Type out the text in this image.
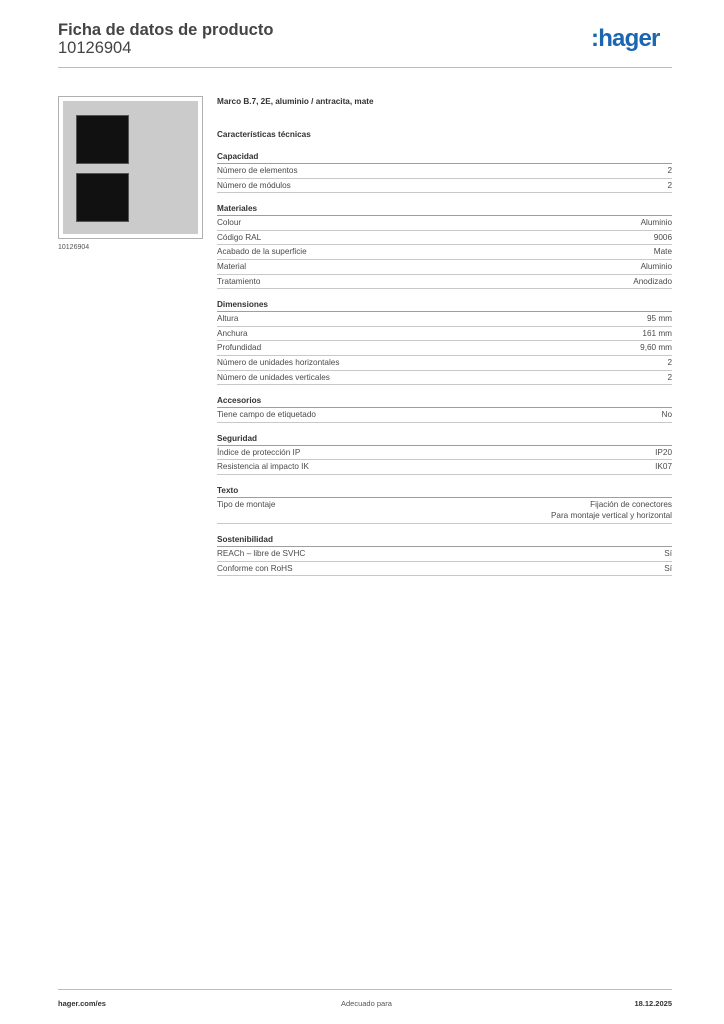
Ficha de datos de producto
10126904	:hager
10126904
Marco B.7, 2E, aluminio / antracita, mate
Características técnicas
Capacidad
Número de elementos	2
Número de módulos	2
Materiales
Colour	Aluminio
Código RAL	9006
Acabado de la superficie	Mate
Material	Aluminio
Tratamiento	Anodizado
Dimensiones
Altura	95 mm
Anchura	161 mm
Profundidad	9,60 mm
Número de unidades horizontales	2
Número de unidades verticales	2
Accesorios
Tiene campo de etiquetado	No
Seguridad
Índice de protección IP	IP20
Resistencia al impacto IK	IK07
Texto
Tipo de montaje	Fijación de conectores
Para montaje vertical y horizontal
Sostenibilidad
REACh – libre de SVHC	Sí
Conforme con RoHS	Sí
hager.com/es	Adecuado para	18.12.2025
